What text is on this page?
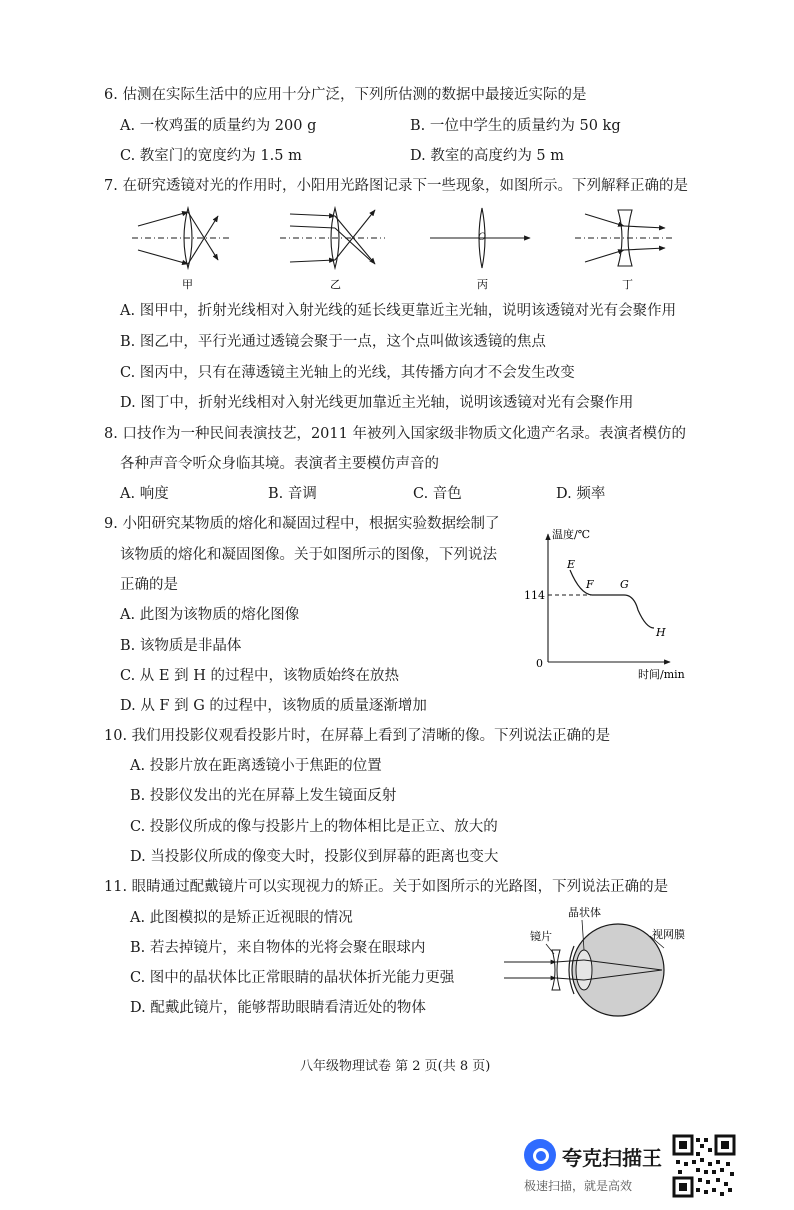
6. 估测在实际生活中的应用十分广泛，下列所估测的数据中最接近实际的是
A. 一枚鸡蛋的质量约为 200 g	B. 一位中学生的质量约为 50 kg
C. 教室门的宽度约为 1.5 m	D. 教室的高度约为 5 m
7. 在研究透镜对光的作用时，小阳用光路图记录下一些现象，如图所示。下列解释正确的是
O
甲	乙	丙	丁
A. 图甲中，折射光线相对入射光线的延长线更靠近主光轴，说明该透镜对光有会聚作用
B. 图乙中，平行光通过透镜会聚于一点，这个点叫做该透镜的焦点
C. 图丙中，只有在薄透镜主光轴上的光线，其传播方向才不会发生改变
D. 图丁中，折射光线相对入射光线更加靠近主光轴，说明该透镜对光有会聚作用
8. 口技作为一种民间表演技艺，2011 年被列入国家级非物质文化遗产名录。表演者模仿的
各种声音令听众身临其境。表演者主要模仿声音的
A. 响度	B. 音调	C. 音色	D. 频率
9. 小阳研究某物质的熔化和凝固过程中，根据实验数据绘制了
该物质的熔化和凝固图像。关于如图所示的图像，下列说法
正确的是
A. 此图为该物质的熔化图像
B. 该物质是非晶体
C. 从 E 到 H 的过程中，该物质始终在放热
D. 从 F 到 G 的过程中，该物质的质量逐渐增加
温度/℃
时间/min
0
114
E
F G
H
10. 我们用投影仪观看投影片时，在屏幕上看到了清晰的像。下列说法正确的是
A. 投影片放在距离透镜小于焦距的位置
B. 投影仪发出的光在屏幕上发生镜面反射
C. 投影仪所成的像与投影片上的物体相比是正立、放大的
D. 当投影仪所成的像变大时，投影仪到屏幕的距离也变大
11. 眼睛通过配戴镜片可以实现视力的矫正。关于如图所示的光路图，下列说法正确的是
A. 此图模拟的是矫正近视眼的情况
B. 若去掉镜片，来自物体的光将会聚在眼球内
C. 图中的晶状体比正常眼睛的晶状体折光能力更强
D. 配戴此镜片，能够帮助眼睛看清近处的物体
镜片
晶状体
视网膜
八年级物理试卷 第 2 页(共 8 页)
夸克扫描王
极速扫描，就是高效
